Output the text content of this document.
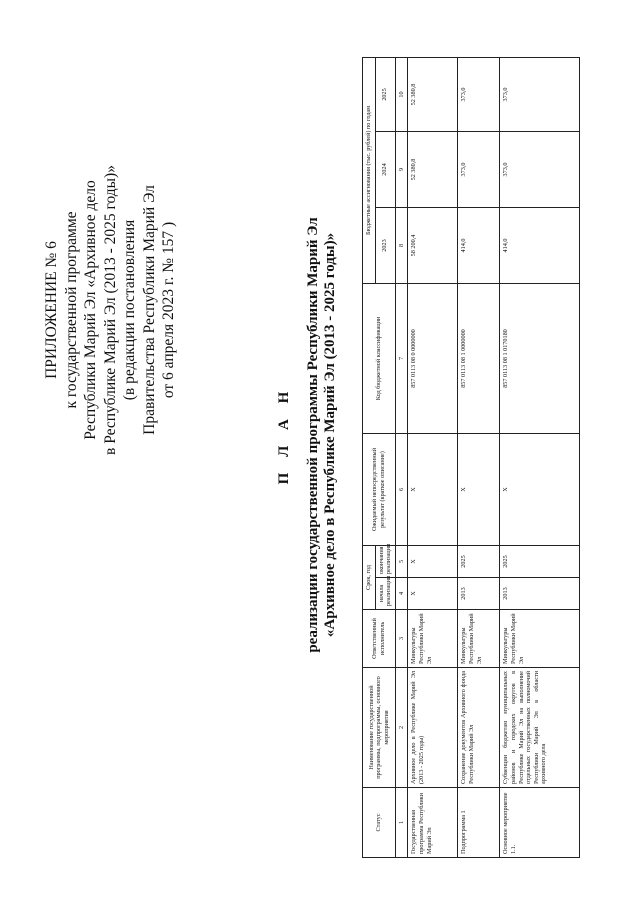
ПРИЛОЖЕНИЕ № 6 к государственной программе Республики Марий Эл «Архивное дело в Республике Марий Эл (2013 - 2025 годы)» (в редакции постановления Правительства Республики Марий Эл от 6 апреля 2023 г. № 157 )
П Л А Н реализации государственной программы Республики Марий Эл «Архивное дело в Республике Марий Эл (2013 - 2025 годы)»
Статус	Наименование государственной программы, подпрограммы, основного мероприятия	Ответственный исполнитель	Срок, год		Ожидаемый непосредственный результат (краткое описание)	Код бюджетной классификации	Бюджетные ассигнования (тыс. рублей) по годам		
			начала реализации	окончания реализации			2023	2024	2025
1	2	3	4	5	6	7	8	9	10
Государственная программа Республики Марий Эл	Архивное дело в Республике Марий Эл (2013 - 2025 годы)	Минкультуры Республики Марий Эл	Х	Х	Х	857 0113 08 0 0000000	58 200,4	52 380,8	52 380,8
Подпрограмма 1	Сохранение документов Архивного фонда Республики Марий Эл	Минкультуры Республики Марий Эл	2013	2025	Х	857 0113 08 1 0000000	414,0	373,0	373,0
Основное мероприятие 1.1.	Субвенции бюджетам муниципальных районов и городских округов в Республике Марий Эл на выполнение отдельных государственных полномочий Республики Марий Эл в области архивного дела	Минкультуры Республики Марий Эл	2013	2025	Х	857 0113 08 1 0170180	414,0	373,0	373,0
